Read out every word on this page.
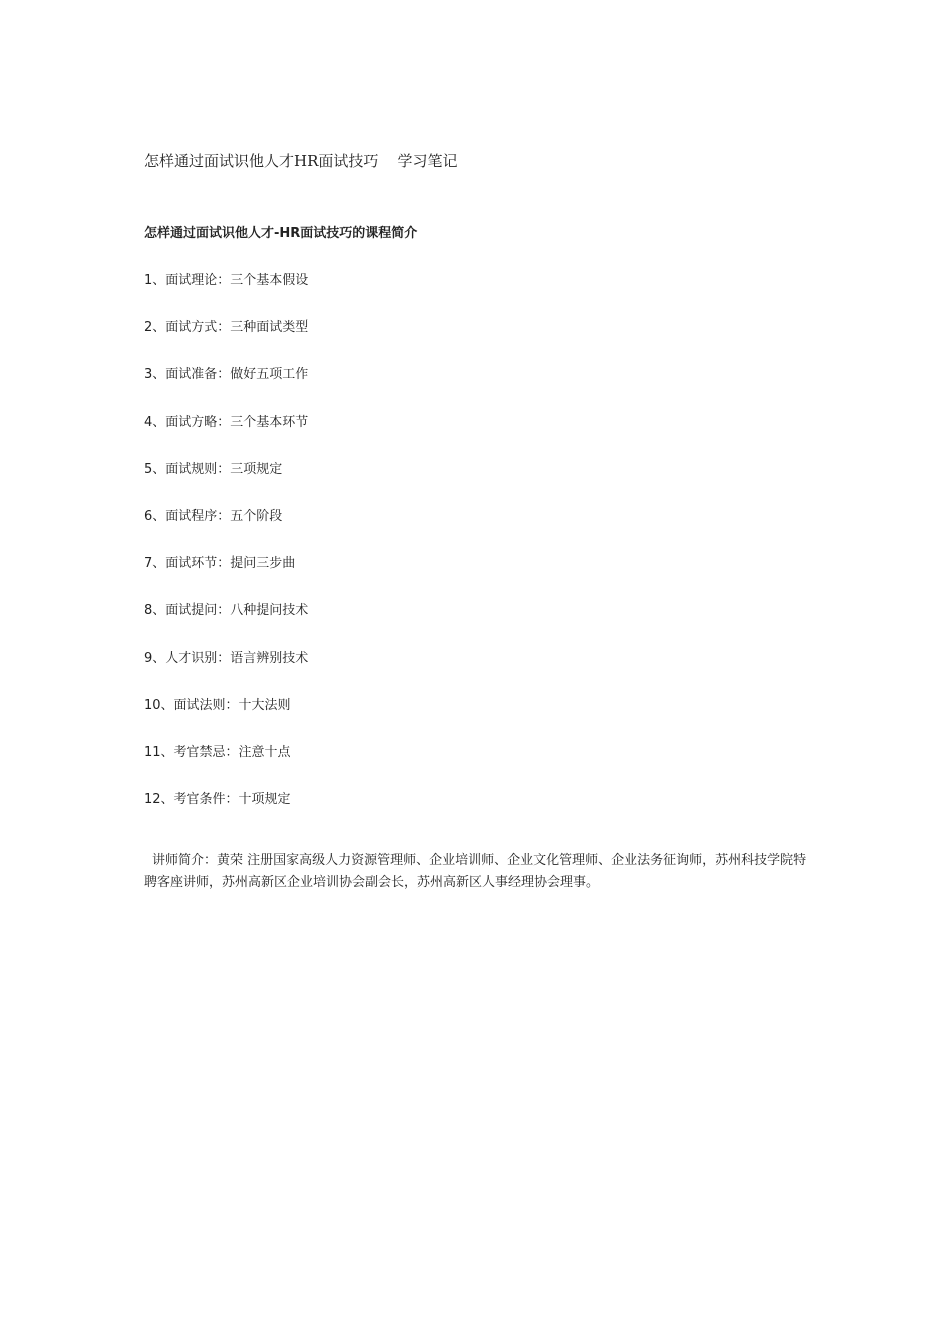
怎样通过面试识他人才HR面试技巧    学习笔记
怎样通过面试识他人才-HR面试技巧的课程简介
1、面试理论：三个基本假设
2、面试方式：三种面试类型
3、面试准备：做好五项工作
4、面试方略：三个基本环节
5、面试规则：三项规定
6、面试程序：五个阶段
7、面试环节：提问三步曲
8、面试提问：八种提问技术
9、人才识别：语言辨别技术
10、面试法则：十大法则
11、考官禁忌：注意十点
12、考官条件：十项规定

讲师简介：黄荣 注册国家高级人力资源管理师、企业培训师、企业文化管理师、企业法务征询师，苏州科技学院特聘客座讲师，苏州高新区企业培训协会副会长，苏州高新区人事经理协会理事。
